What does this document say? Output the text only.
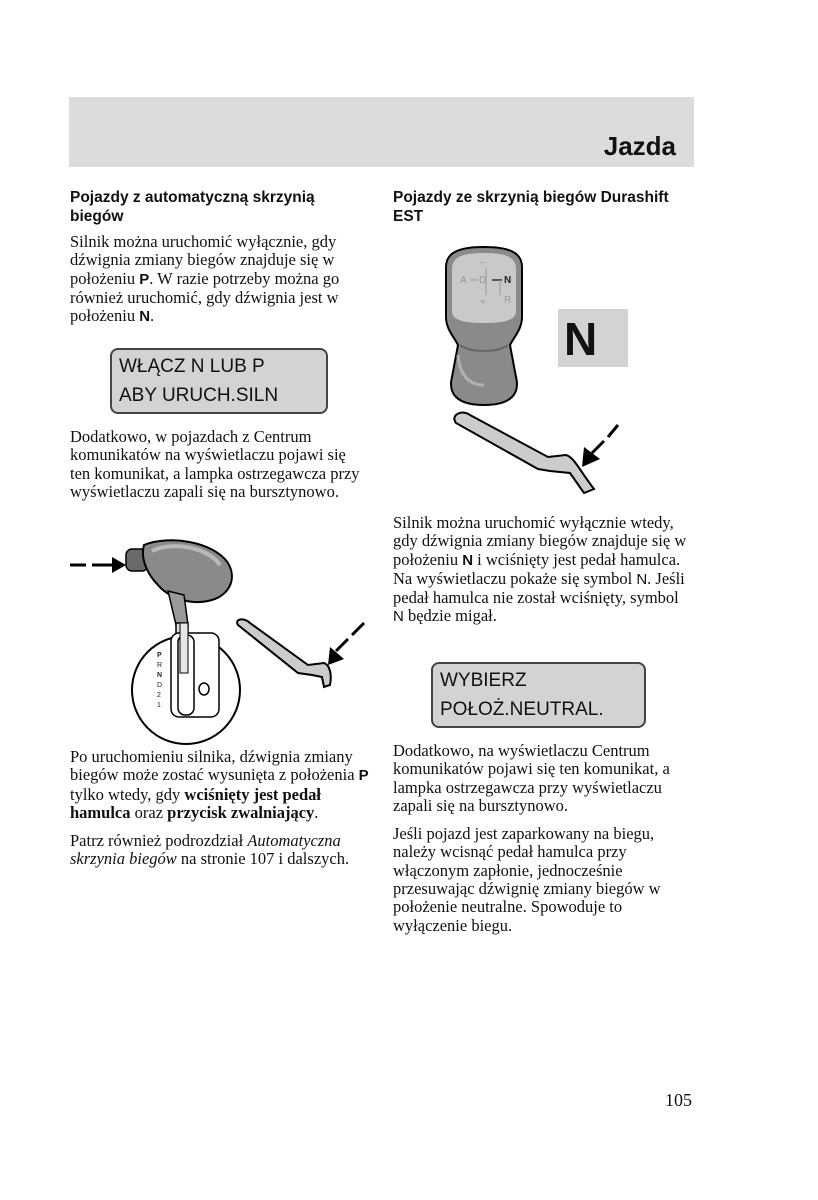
Jazda
Pojazdy z automatyczną skrzynią biegów

Silnik można uruchomić wyłącznie, gdy dźwignia zmiany biegów znajduje się w położeniu P. W razie potrzeby można go również uruchomić, gdy dźwignia jest w położeniu N.

WŁĄCZ N LUB P
ABY URUCH.SILN

Dodatkowo, w pojazdach z Centrum komunikatów na wyświetlaczu pojawi się ten komunikat, a lampka ostrzegawcza przy wyświetlaczu zapali się na bursztynowo.

P
R
N
D
2
1

Po uruchomieniu silnika, dźwignia zmiany biegów może zostać wysunięta z położenia P tylko wtedy, gdy wciśnięty jest pedał hamulca oraz przycisk zwalniający.

Patrz również podrozdział Automatyczna skrzynia biegów na stronie 107 i dalszych.

Pojazdy ze skrzynią biegów Durashift EST
–
A D N
R
+
N

Silnik można uruchomić wyłącznie wtedy, gdy dźwignia zmiany biegów znajduje się w położeniu N i wciśnięty jest pedał hamulca. Na wyświetlaczu pokaże się symbol N. Jeśli pedał hamulca nie został wciśnięty, symbol N będzie migał.

WYBIERZ
POŁOŻ.NEUTRAL.

Dodatkowo, na wyświetlaczu Centrum komunikatów pojawi się ten komunikat, a lampka ostrzegawcza przy wyświetlaczu zapali się na bursztynowo.

Jeśli pojazd jest zaparkowany na biegu, należy wcisnąć pedał hamulca przy włączonym zapłonie, jednocześnie przesuwając dźwignię zmiany biegów w położenie neutralne. Spowoduje to wyłączenie biegu.

105
